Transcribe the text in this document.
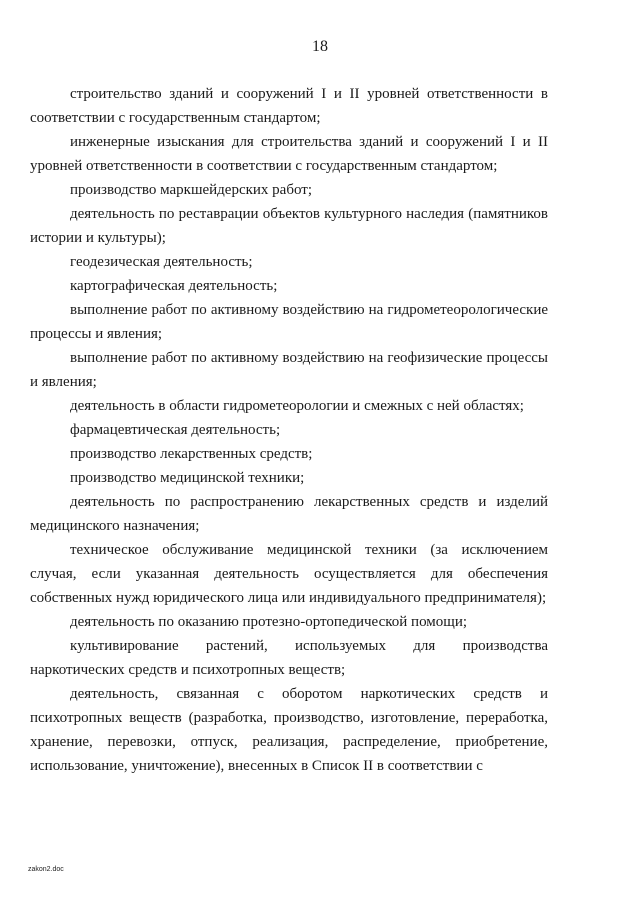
18

строительство зданий и сооружений I и II уровней ответственности в соответствии с государственным стандартом;

инженерные изыскания для строительства зданий и сооружений I и II уровней ответственности в соответствии с государственным стандартом;

производство маркшейдерских работ;

деятельность по реставрации объектов культурного наследия (памятников истории и культуры);

геодезическая деятельность;

картографическая деятельность;

выполнение работ по активному воздействию на гидрометеорологические процессы и явления;

выполнение работ по активному воздействию на геофизические процессы и явления;

деятельность в области гидрометеорологии и смежных с ней областях;

фармацевтическая деятельность;

производство лекарственных средств;

производство медицинской техники;

деятельность по распространению лекарственных средств и изделий медицинского назначения;

техническое обслуживание медицинской техники (за исключением случая, если указанная деятельность осуществляется для обеспечения собственных нужд юридического лица или индивидуального предпринимателя);

деятельность по оказанию протезно-ортопедической помощи;

культивирование растений, используемых для производства наркотических средств и психотропных веществ;

деятельность, связанная с оборотом наркотических средств и психотропных веществ (разработка, производство, изготовление, переработка, хранение, перевозки, отпуск, реализация, распределение, приобретение, использование, уничтожение), внесенных в Список II в соответствии с

zakon2.doc
